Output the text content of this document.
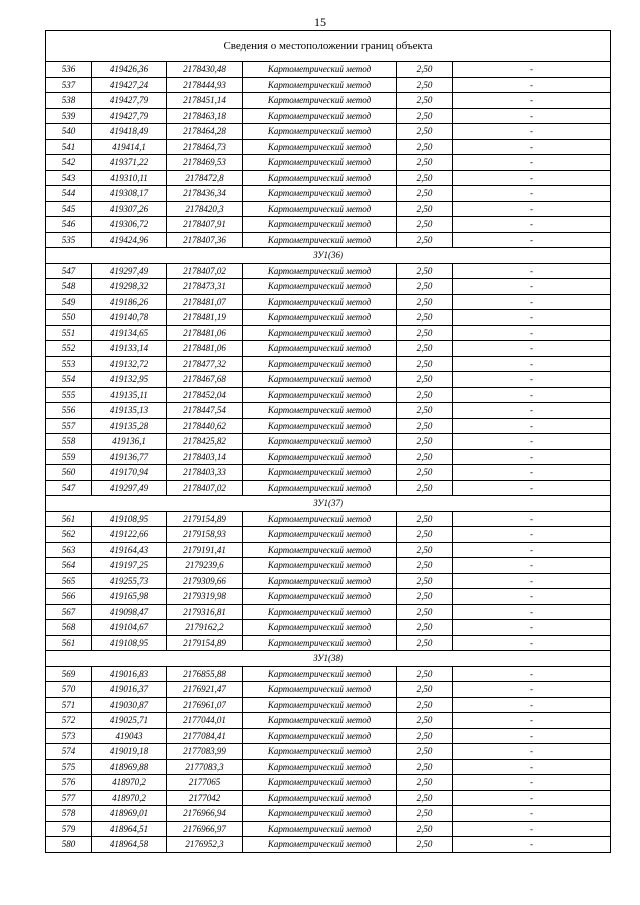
15
Сведения о местоположении границ объекта					
536	419426,36	2178430,48	Картометрический метод	2,50	-
537	419427,24	2178444,93	Картометрический метод	2,50	-
538	419427,79	2178451,14	Картометрический метод	2,50	-
539	419427,79	2178463,18	Картометрический метод	2,50	-
540	419418,49	2178464,28	Картометрический метод	2,50	-
541	419414,1	2178464,73	Картометрический метод	2,50	-
542	419371,22	2178469,53	Картометрический метод	2,50	-
543	419310,11	2178472,8	Картометрический метод	2,50	-
544	419308,17	2178436,34	Картометрический метод	2,50	-
545	419307,26	2178420,3	Картометрический метод	2,50	-
546	419306,72	2178407,91	Картометрический метод	2,50	-
535	419424,96	2178407,36	Картометрический метод	2,50	-
ЗУ1(36)					
547	419297,49	2178407,02	Картометрический метод	2,50	-
548	419298,32	2178473,31	Картометрический метод	2,50	-
549	419186,26	2178481,07	Картометрический метод	2,50	-
550	419140,78	2178481,19	Картометрический метод	2,50	-
551	419134,65	2178481,06	Картометрический метод	2,50	-
552	419133,14	2178481,06	Картометрический метод	2,50	-
553	419132,72	2178477,32	Картометрический метод	2,50	-
554	419132,95	2178467,68	Картометрический метод	2,50	-
555	419135,11	2178452,04	Картометрический метод	2,50	-
556	419135,13	2178447,54	Картометрический метод	2,50	-
557	419135,28	2178440,62	Картометрический метод	2,50	-
558	419136,1	2178425,82	Картометрический метод	2,50	-
559	419136,77	2178403,14	Картометрический метод	2,50	-
560	419170,94	2178403,33	Картометрический метод	2,50	-
547	419297,49	2178407,02	Картометрический метод	2,50	-
ЗУ1(37)					
561	419108,95	2179154,89	Картометрический метод	2,50	-
562	419122,66	2179158,93	Картометрический метод	2,50	-
563	419164,43	2179191,41	Картометрический метод	2,50	-
564	419197,25	2179239,6	Картометрический метод	2,50	-
565	419255,73	2179309,66	Картометрический метод	2,50	-
566	419165,98	2179319,98	Картометрический метод	2,50	-
567	419098,47	2179316,81	Картометрический метод	2,50	-
568	419104,67	2179162,2	Картометрический метод	2,50	-
561	419108,95	2179154,89	Картометрический метод	2,50	-
ЗУ1(38)					
569	419016,83	2176855,88	Картометрический метод	2,50	-
570	419016,37	2176921,47	Картометрический метод	2,50	-
571	419030,87	2176961,07	Картометрический метод	2,50	-
572	419025,71	2177044,01	Картометрический метод	2,50	-
573	419043	2177084,41	Картометрический метод	2,50	-
574	419019,18	2177083,99	Картометрический метод	2,50	-
575	418969,88	2177083,3	Картометрический метод	2,50	-
576	418970,2	2177065	Картометрический метод	2,50	-
577	418970,2	2177042	Картометрический метод	2,50	-
578	418969,01	2176966,94	Картометрический метод	2,50	-
579	418964,51	2176966,97	Картометрический метод	2,50	-
580	418964,58	2176952,3	Картометрический метод	2,50	-
